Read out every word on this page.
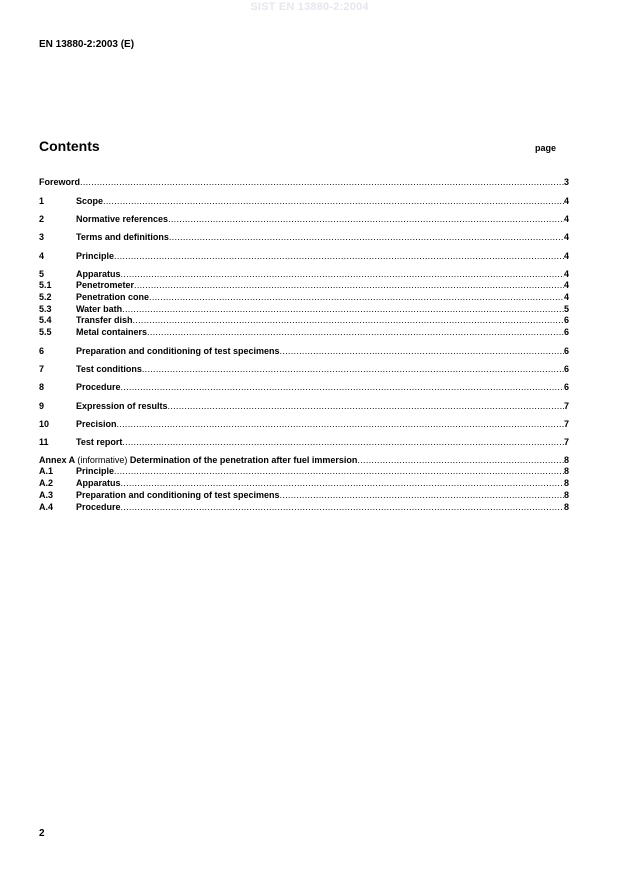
SIST EN 13880-2:2004
EN 13880-2:2003 (E)
Contents	page
Foreword .....	3
1	Scope .....	4
2	Normative references .....	4
3	Terms and definitions .....	4
4	Principle .....	4
5	Apparatus .....	4
5.1	Penetrometer .....	4
5.2	Penetration cone .....	4
5.3	Water bath .....	5
5.4	Transfer dish .....	6
5.5	Metal containers .....	6
6	Preparation and conditioning of test specimens .....	6
7	Test conditions .....	6
8	Procedure .....	6
9	Expression of results .....	7
10	Precision .....	7
11	Test report .....	7
Annex A (informative) Determination of the penetration after fuel immersion .....	8
A.1	Principle .....	8
A.2	Apparatus .....	8
A.3	Preparation and conditioning of test specimens .....	8
A.4	Procedure .....	8
2
